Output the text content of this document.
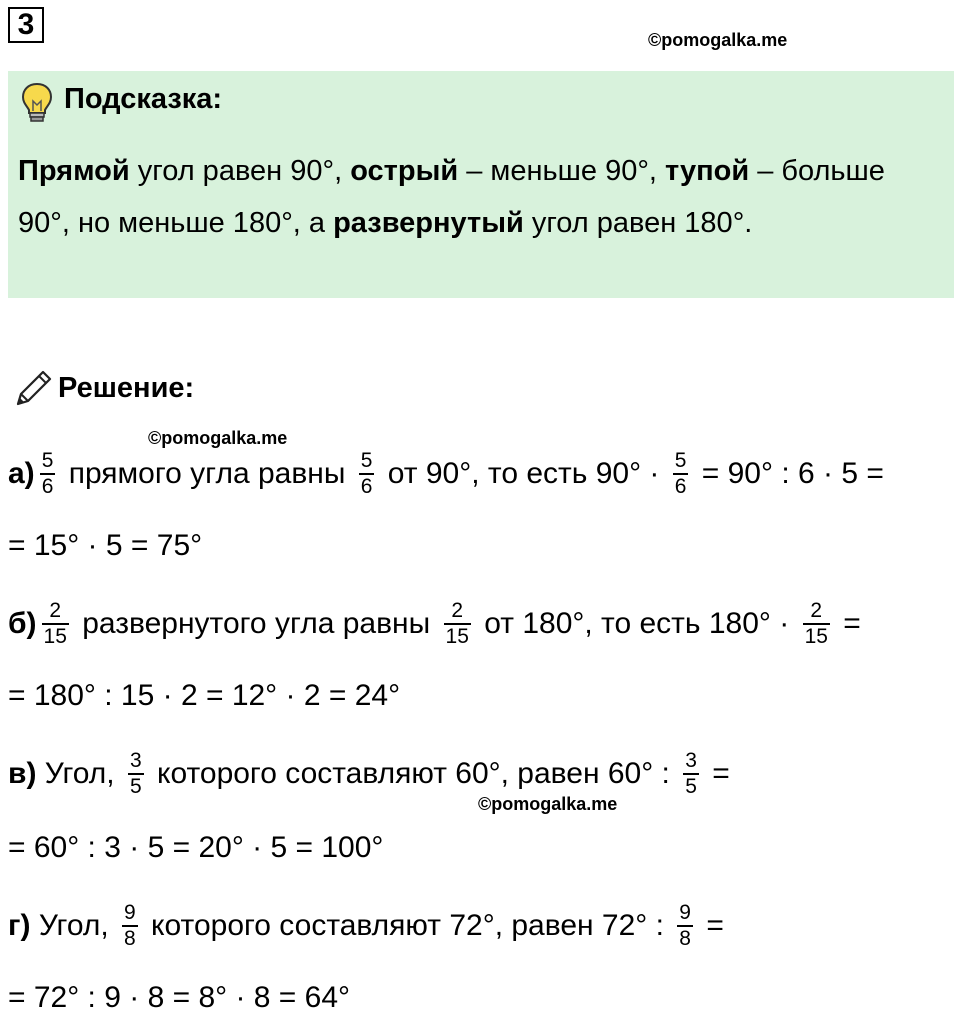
3	©pomogalka.me
Подсказка:
Прямой угол равен 90°, острый – меньше 90°, тупой – больше 90°, но меньше 180°, а развернутый угол равен 180°.
Решение:
©pomogalka.me
$а) \frac{5}{6}$ прямого угла равны $\frac{5}{6}$ от 90°, то есть $90^\circ \cdot \frac{5}{6} = 90^\circ$ : 6 · 5 =
= 15° · 5 = 75°
$б) \frac{2}{15}$ развернутого угла равны $\frac{2}{15}$ от 180°, то есть $180^\circ \cdot \frac{2}{15}$ =
= 180° : 15 · 2 = 12° · 2 = 24°
в) Угол, $\frac{3}{5}$ которого составляют 60°, равен 60° : $\frac{3}{5}$ =
©pomogalka.me
= 60° : 3 · 5 = 20° · 5 = 100°
г) Угол, $\frac{9}{8}$ которого составляют 72°, равен 72° : $\frac{9}{8}$ =
= 72° : 9 · 8 = 8° · 8 = 64°
